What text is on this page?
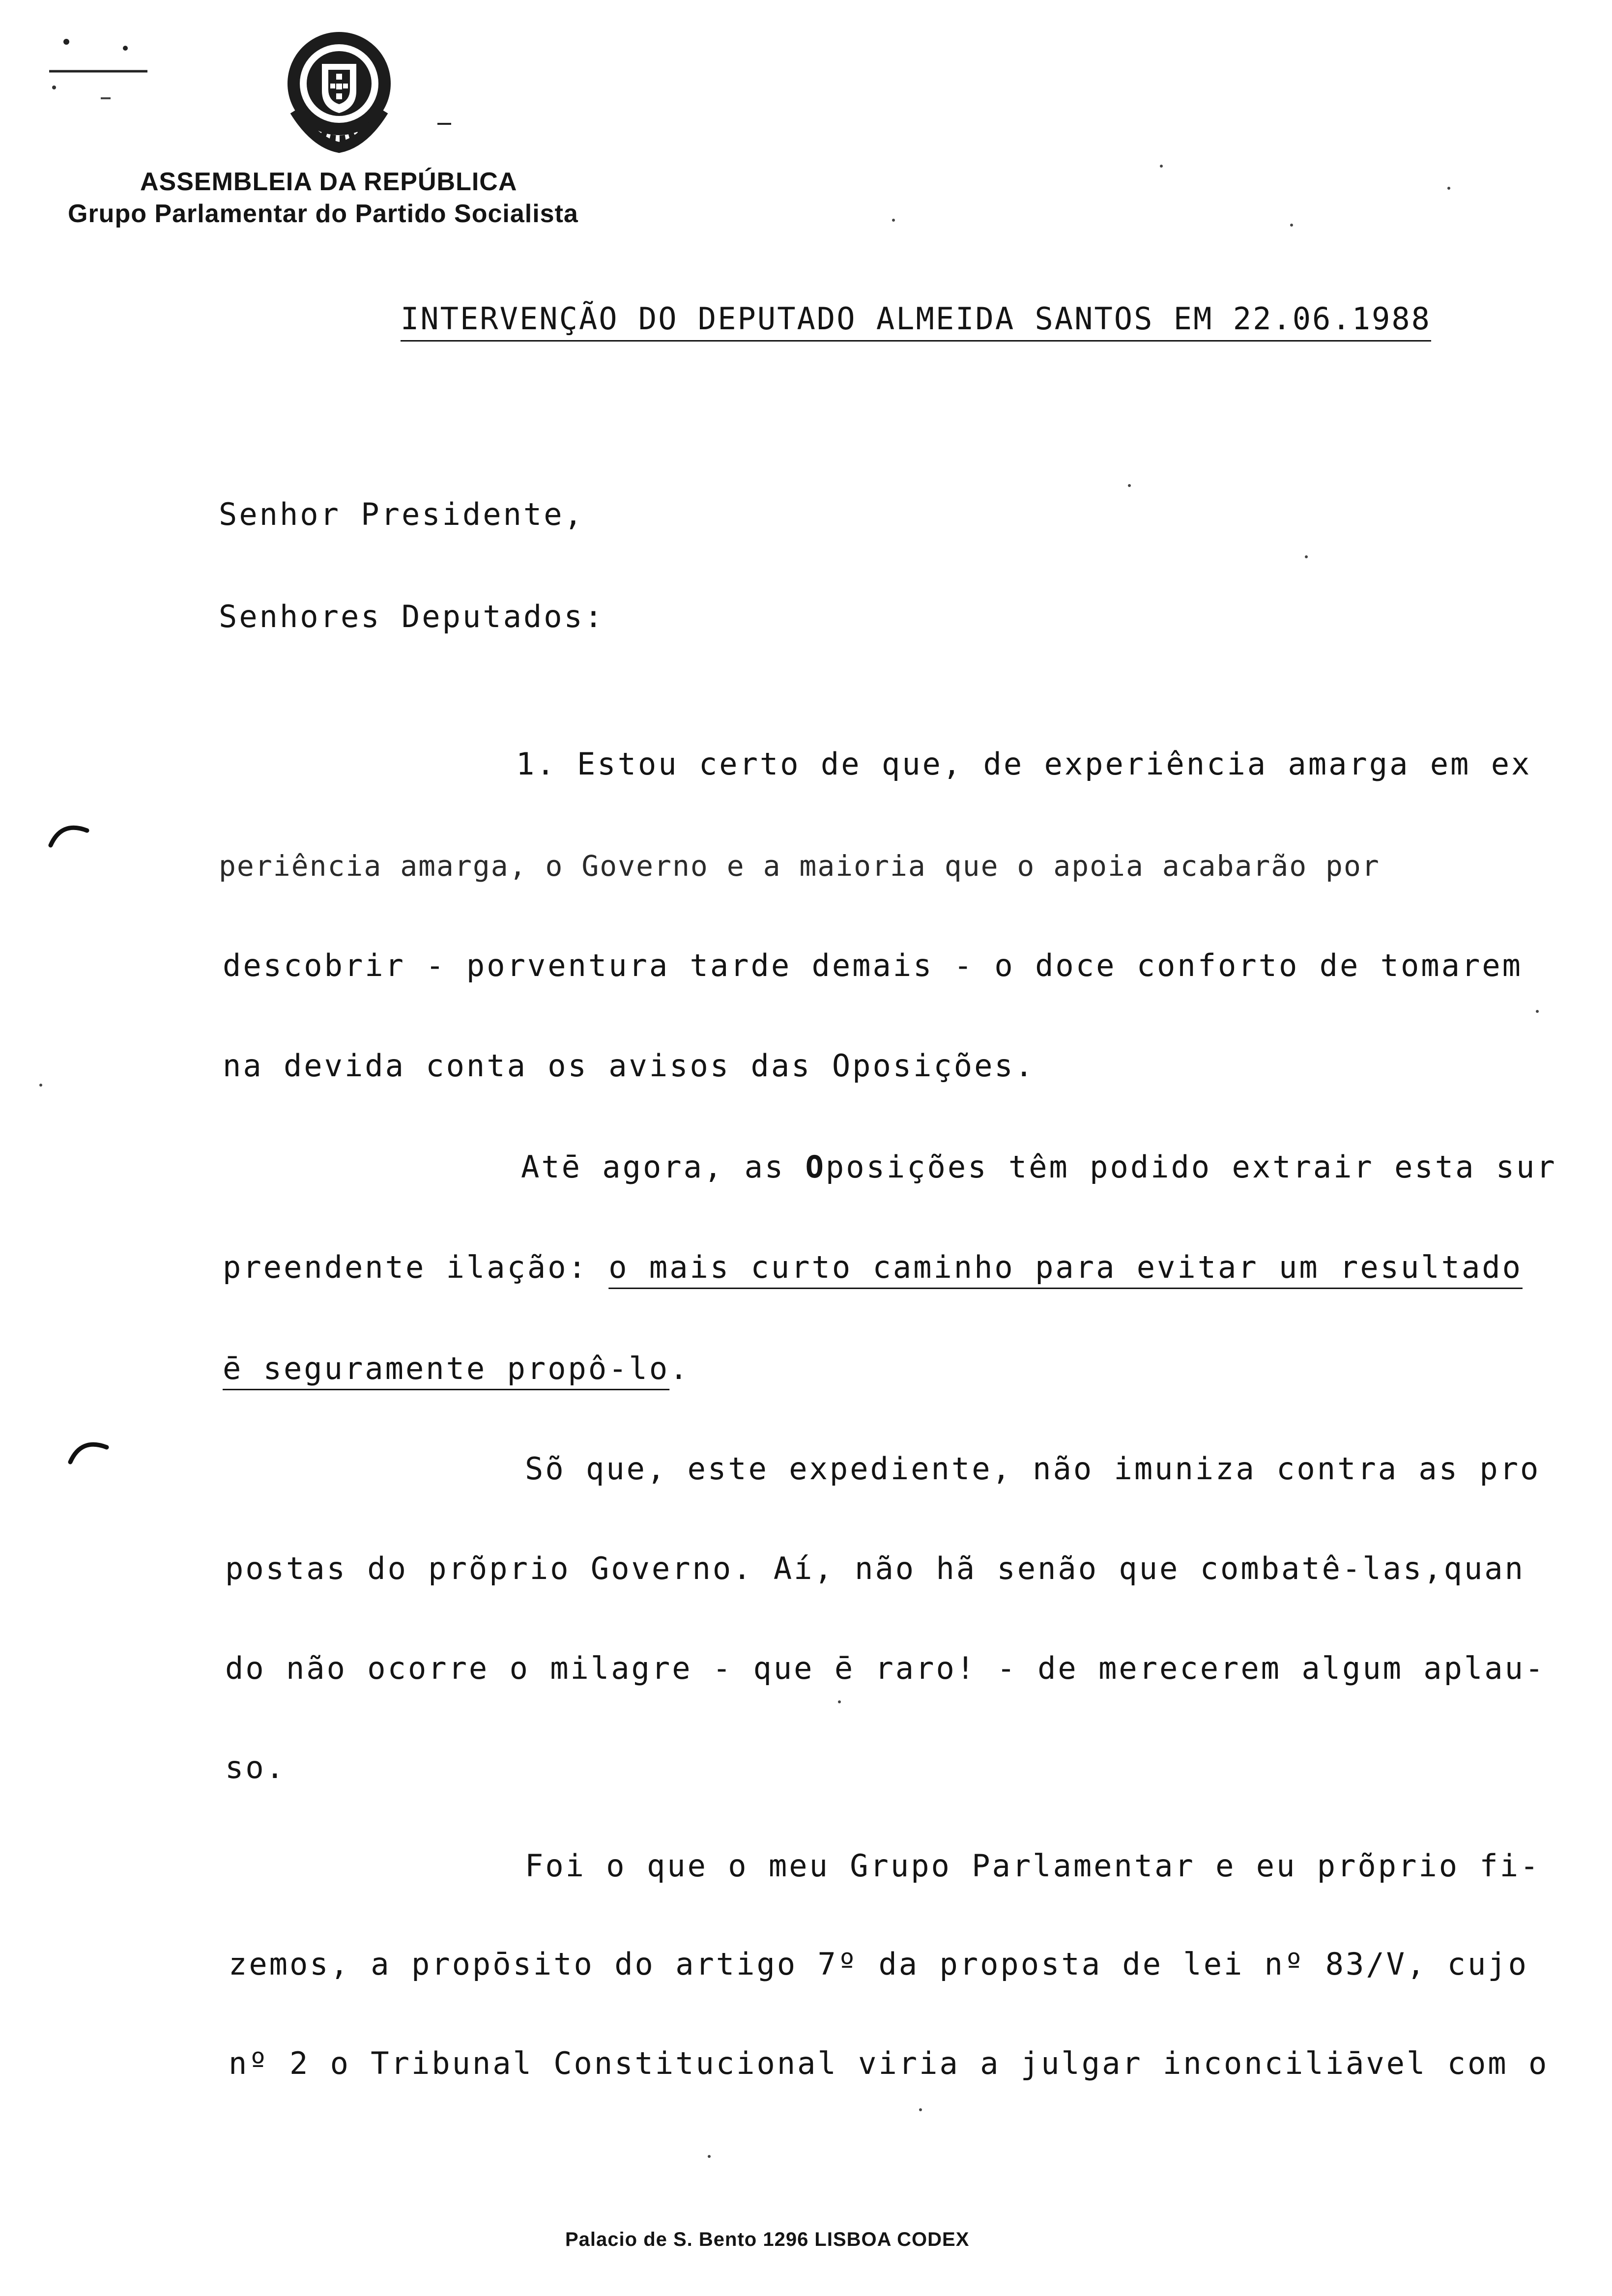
ASSEMBLEIA DA REPÚBLICA
Grupo Parlamentar do Partido Socialista
INTERVENÇÃO DO DEPUTADO ALMEIDA SANTOS EM 22.06.1988
Senhor Presidente,
Senhores Deputados:
1. Estou certo de que, de experiência amarga em ex
periência amarga, o Governo e a maioria que o apoia acabarão por
descobrir - porventura tarde demais - o doce conforto de tomarem
na devida conta os avisos das Oposições.
Atē agora, as Oposições têm podido extrair esta sur
preendente ilação: o mais curto caminho para evitar um resultado
ē seguramente propô-lo.
Sõ que, este expediente, não imuniza contra as pro
postas do prõprio Governo. Aí, não hã senão que combatê-las,quan
do não ocorre o milagre - que ē raro! - de merecerem algum aplau-
so.
Foi o que o meu Grupo Parlamentar e eu prõprio fi-
zemos, a propōsito do artigo 7º da proposta de lei nº 83/V, cujo
nº 2 o Tribunal Constitucional viria a julgar inconciliāvel com o
Palacio de S. Bento 1296 LISBOA CODEX
